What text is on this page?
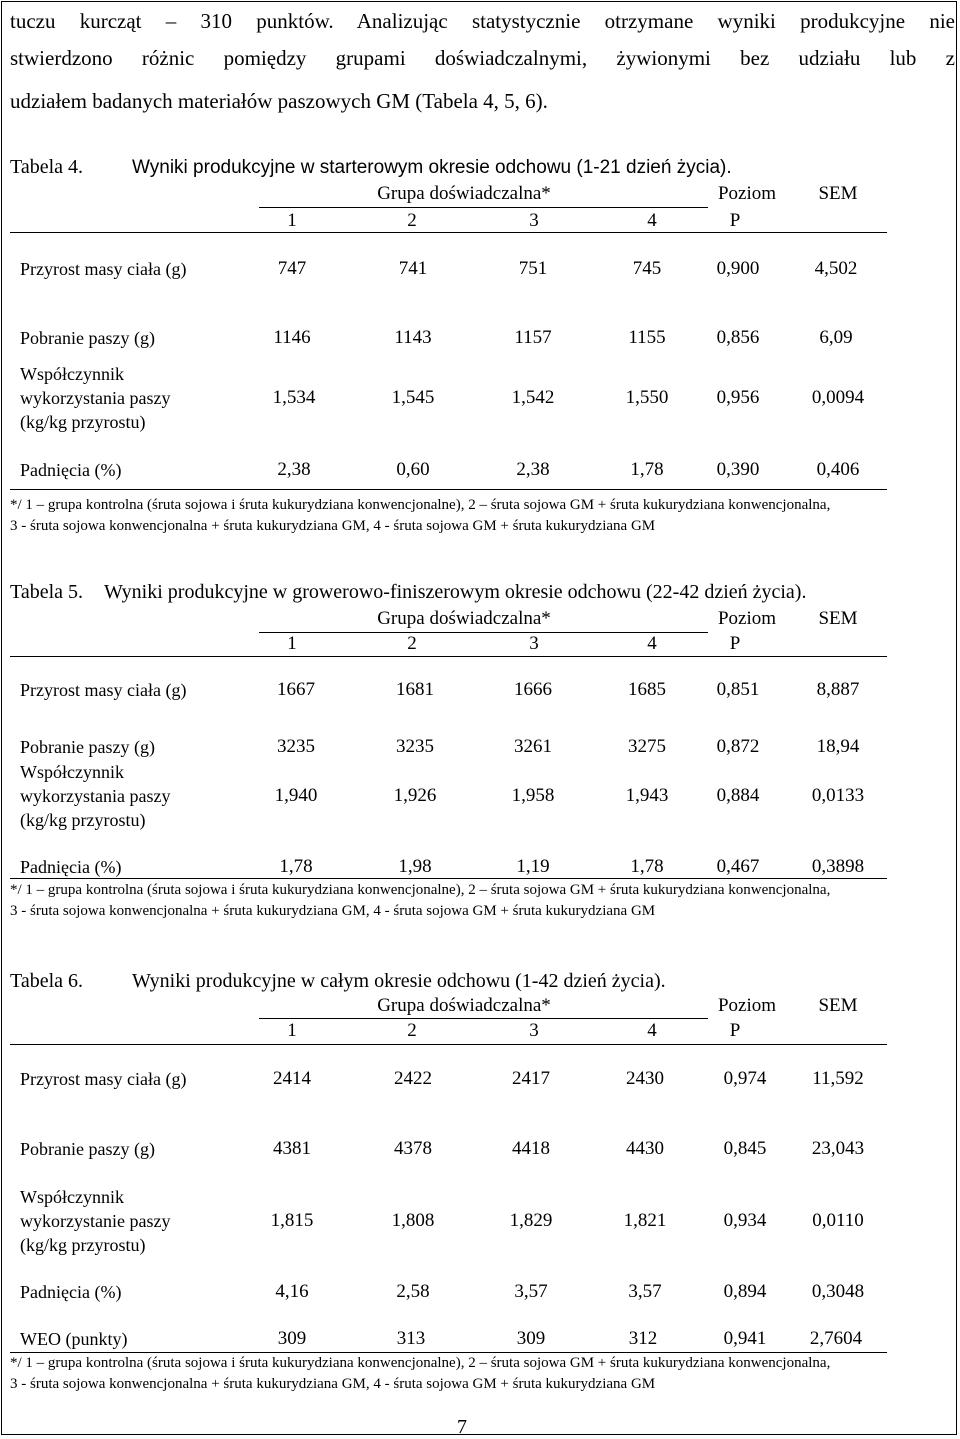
tuczu kurcząt – 310 punktów. Analizując statystycznie otrzymane wyniki produkcyjne nie
stwierdzono różnic pomiędzy grupami doświadczalnymi, żywionymi bez udziału lub z
udziałem badanych materiałów paszowych GM (Tabela 4, 5, 6).
Tabela 4.	Wyniki produkcyjne w starterowym okresie odchowu (1-21 dzień życia).
Grupa doświadczalna*	Poziom SEM
1	2	3	4	P
Przyrost masy ciała (g)	747	741	751	745	0,900	4,502
Pobranie paszy (g)	1146	1143	1157	1155	0,856	6,09
Współczynnik
wykorzystania paszy
(kg/kg przyrostu)
1,534	1,545	1,542	1,550	0,956	0,0094
Padnięcia (%)	2,38	0,60	2,38	1,78	0,390	0,406
*/ 1 – grupa kontrolna (śruta sojowa i śruta kukurydziana konwencjonalne), 2 – śruta sojowa GM + śruta kukurydziana konwencjonalna,
3 - śruta sojowa konwencjonalna + śruta kukurydziana GM, 4 - śruta sojowa GM + śruta kukurydziana GM
Tabela 5. Wyniki produkcyjne w growerowo-finiszerowym okresie odchowu (22-42 dzień życia).
Grupa doświadczalna*	Poziom SEM
1	2	3	4	P
Przyrost masy ciała (g)	1667	1681	1666	1685	0,851	8,887
Pobranie paszy (g)	3235	3235	3261	3275	0,872	18,94
Współczynnik
wykorzystania paszy
(kg/kg przyrostu)
1,940	1,926	1,958	1,943	0,884	0,0133
Padnięcia (%)	1,78	1,98	1,19	1,78	0,467	0,3898
*/ 1 – grupa kontrolna (śruta sojowa i śruta kukurydziana konwencjonalne), 2 – śruta sojowa GM + śruta kukurydziana konwencjonalna,
3 - śruta sojowa konwencjonalna + śruta kukurydziana GM, 4 - śruta sojowa GM + śruta kukurydziana GM
Tabela 6. Wyniki produkcyjne w całym okresie odchowu (1-42 dzień życia).
Grupa doświadczalna*	Poziom SEM
1	2	3	4	P
Przyrost masy ciała (g)	2414	2422	2417	2430	0,974 11,592
Pobranie paszy (g)	4381	4378	4418	4430	0,845 23,043
Współczynnik
wykorzystanie paszy
(kg/kg przyrostu)
1,815	1,808	1,829	1,821	0,934 0,0110
Padnięcia (%)	4,16	2,58	3,57	3,57	0,894 0,3048
WEO (punkty)	309	313	309	312	0,941 2,7604
*/ 1 – grupa kontrolna (śruta sojowa i śruta kukurydziana konwencjonalne), 2 – śruta sojowa GM + śruta kukurydziana konwencjonalna,
3 - śruta sojowa konwencjonalna + śruta kukurydziana GM, 4 - śruta sojowa GM + śruta kukurydziana GM
7
